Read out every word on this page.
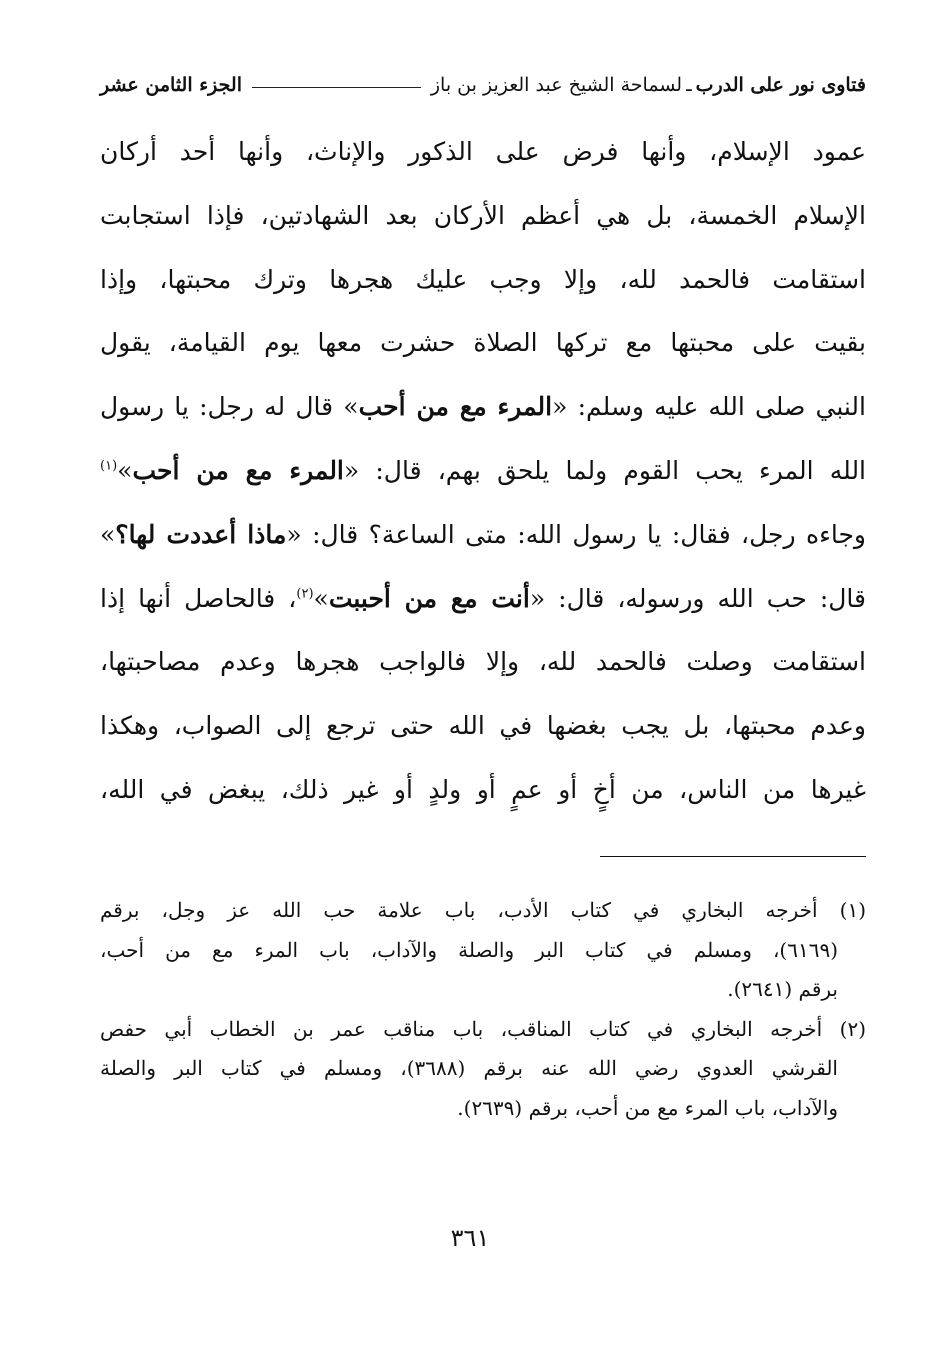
فتاوى نور على الدرب
ـ
لسماحة الشيخ عبد العزيز بن باز
الجزء الثامن عشر
عمود الإسلام، وأنها فرض على الذكور والإناث، وأنها أحد أركان
الإسلام الخمسة، بل هي أعظم الأركان بعد الشهادتين، فإذا استجابت
استقامت فالحمد لله، وإلا وجب عليك هجرها وترك محبتها، وإذا
بقيت على محبتها مع تركها الصلاة حشرت معها يوم القيامة، يقول
النبي صلى الله عليه وسلم: «المرء مع من أحب» قال له رجل: يا رسول
الله المرء يحب القوم ولما يلحق بهم، قال: «المرء مع من أحب»$^{(١)}$
وجاءه رجل، فقال: يا رسول الله: متى الساعة؟ قال: «ماذا أعددت لها؟»
قال: حب الله ورسوله، قال: «أنت مع من أحببت»$^{(٢)}$، فالحاصل أنها إذا
استقامت وصلت فالحمد لله، وإلا فالواجب هجرها وعدم مصاحبتها،
وعدم محبتها، بل يجب بغضها في الله حتى ترجع إلى الصواب، وهكذا
غيرها من الناس، من أخٍ أو عمٍ أو ولدٍ أو غير ذلك، يبغض في الله،
(١) أخرجه البخاري في كتاب الأدب، باب علامة حب الله عز وجل، برقم
(٦١٦٩)، ومسلم في كتاب البر والصلة والآداب، باب المرء مع من أحب،
برقم (٢٦٤١).
(٢) أخرجه البخاري في كتاب المناقب، باب مناقب عمر بن الخطاب أبي حفص
القرشي العدوي رضي الله عنه برقم (٣٦٨٨)، ومسلم في كتاب البر والصلة
والآداب، باب المرء مع من أحب، برقم (٢٦٣٩).
٣٦١
